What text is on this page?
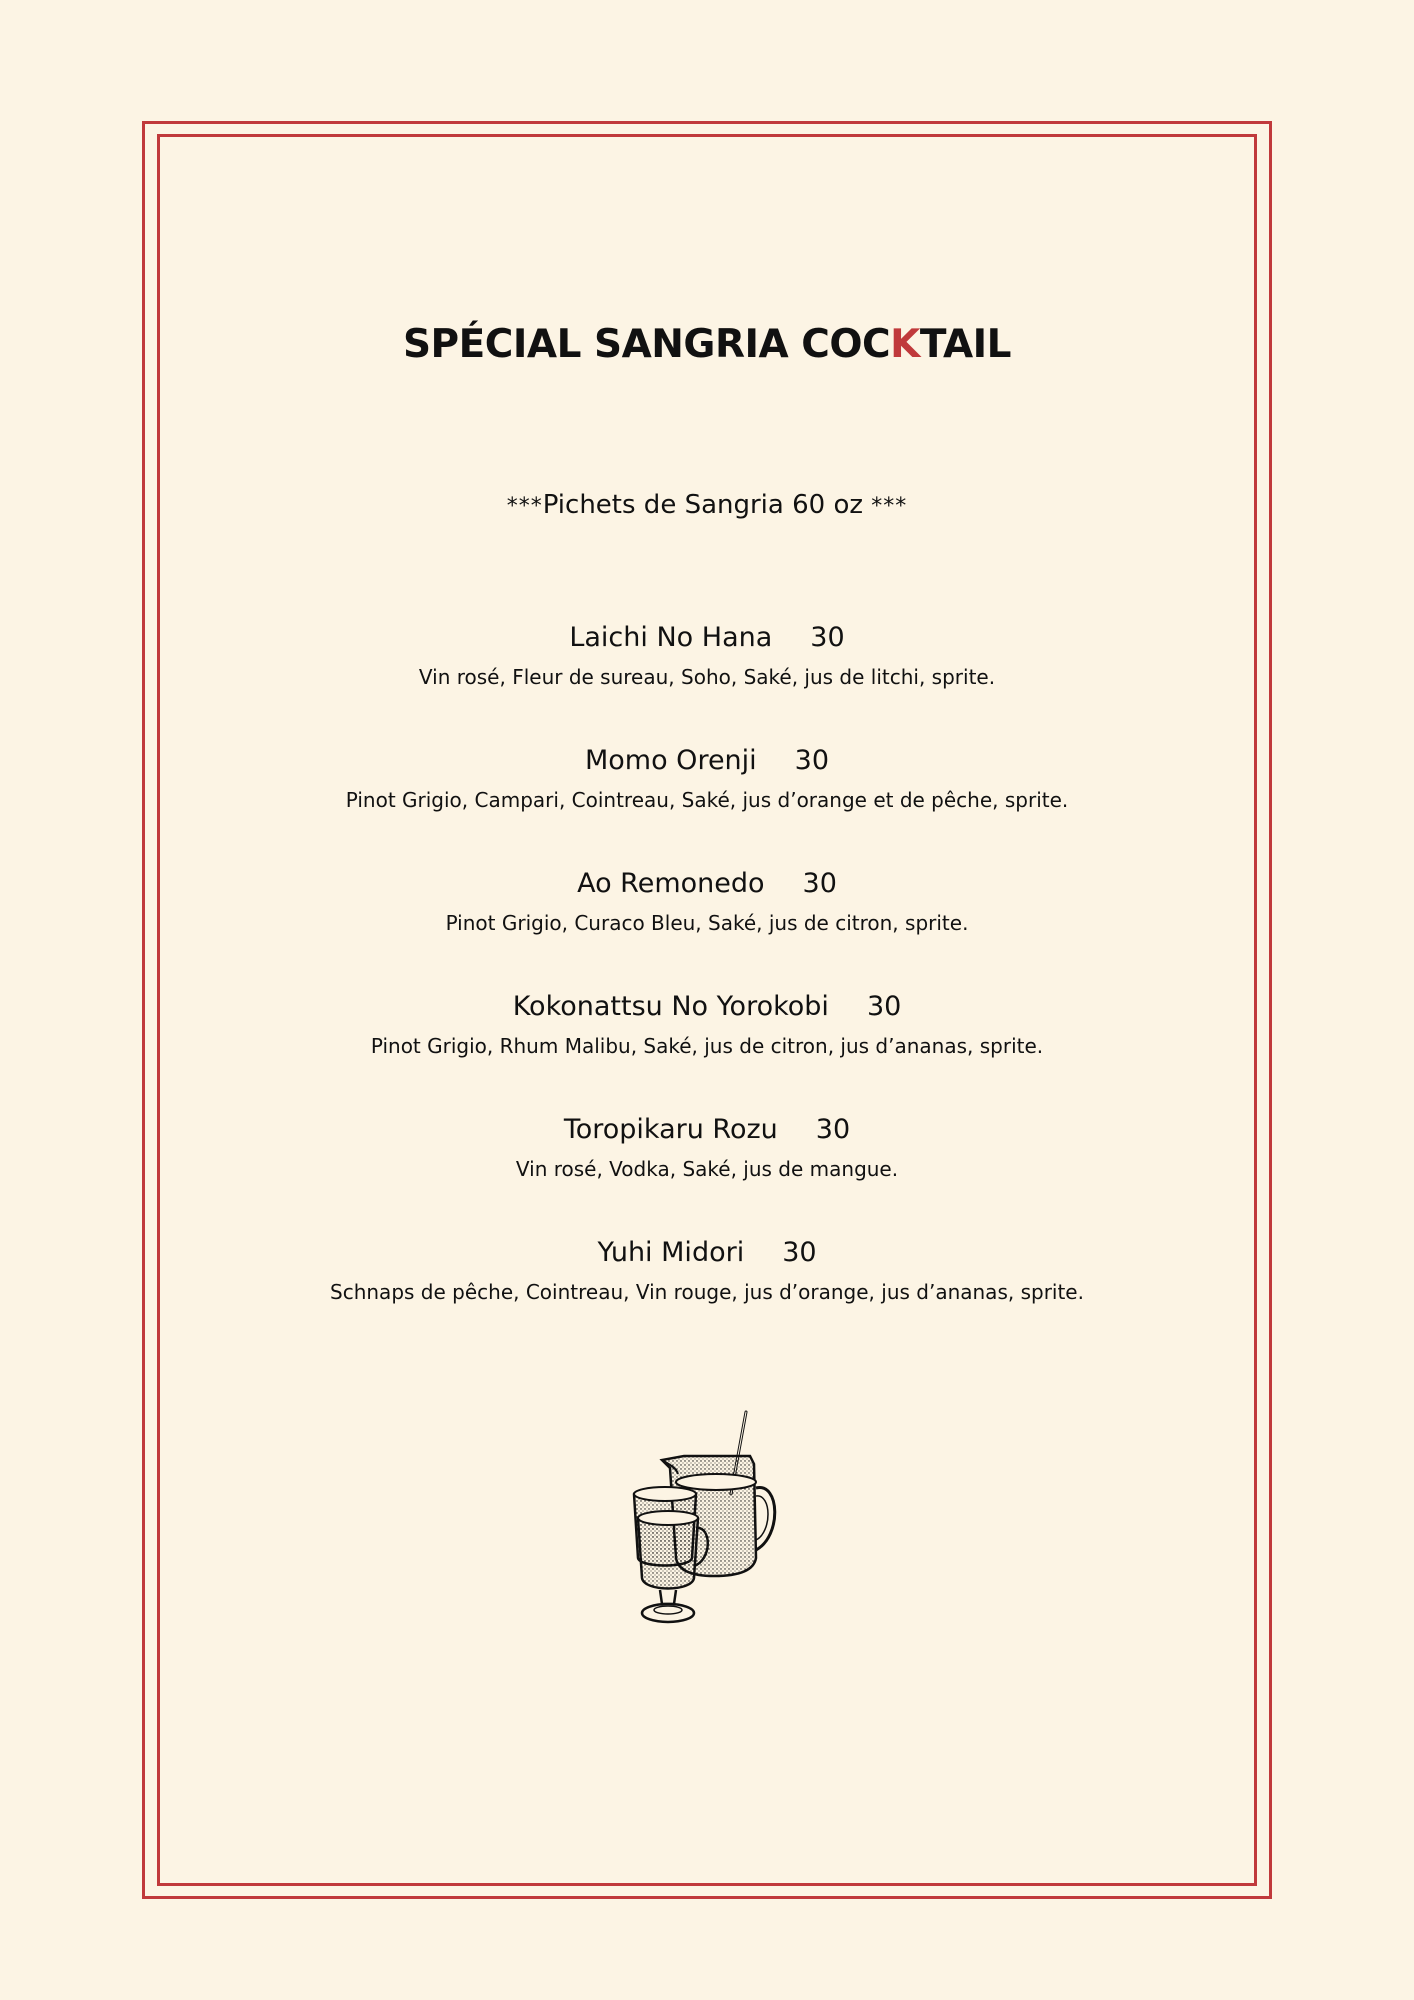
SPÉCIAL SANGRIA COCKTAIL
***Pichets de Sangria 60 oz ***
Laichi No Hana 30
Vin rosé, Fleur de sureau, Soho, Saké, jus de litchi, sprite.
Momo Orenji 30
Pinot Grigio, Campari, Cointreau, Saké, jus d’orange et de pêche, sprite.
Ao Remonedo 30
Pinot Grigio, Curaco Bleu, Saké, jus de citron, sprite.
Kokonattsu No Yorokobi 30
Pinot Grigio, Rhum Malibu, Saké, jus de citron, jus d’ananas, sprite.
Toropikaru Rozu 30
Vin rosé, Vodka, Saké, jus de mangue.
Yuhi Midori 30
Schnaps de pêche, Cointreau, Vin rouge, jus d’orange, jus d’ananas, sprite.
